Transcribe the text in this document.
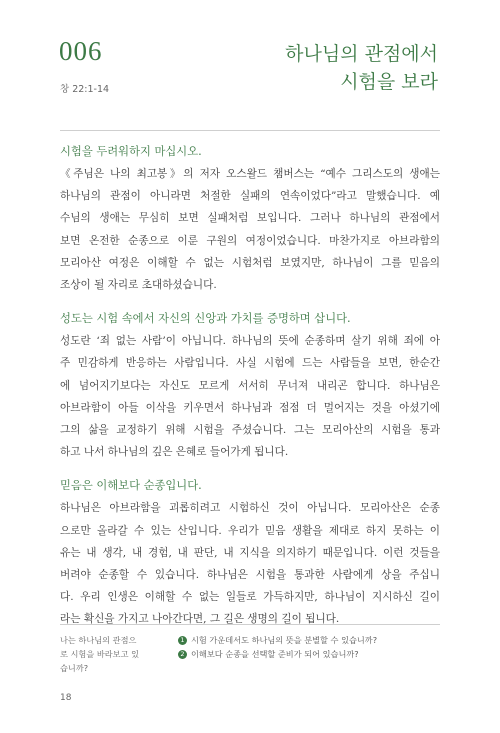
006
창 22:1-14
하나님의 관점에서
시험을 보라
시험을 두려워하지 마십시오.
《주님은 나의 최고봉》의 저자 오스왈드 챔버스는 “예수 그리스도의 생애는
하나님의 관점이 아니라면 처절한 실패의 연속이었다”라고 말했습니다. 예
수님의 생애는 무심히 보면 실패처럼 보입니다. 그러나 하나님의 관점에서
보면 온전한 순종으로 이룬 구원의 여정이었습니다. 마찬가지로 아브라함의
모리아산 여정은 이해할 수 없는 시험처럼 보였지만, 하나님이 그를 믿음의
조상이 될 자리로 초대하셨습니다.
성도는 시험 속에서 자신의 신앙과 가치를 증명하며 삽니다.
성도란 ‘죄 없는 사람’이 아닙니다. 하나님의 뜻에 순종하며 살기 위해 죄에 아
주 민감하게 반응하는 사람입니다. 사실 시험에 드는 사람들을 보면, 한순간
에 넘어지기보다는 자신도 모르게 서서히 무너져 내리곤 합니다. 하나님은
아브라함이 아들 이삭을 키우면서 하나님과 점점 더 멀어지는 것을 아셨기에
그의 삶을 교정하기 위해 시험을 주셨습니다. 그는 모리아산의 시험을 통과
하고 나서 하나님의 깊은 은혜로 들어가게 됩니다.
믿음은 이해보다 순종입니다.
하나님은 아브라함을 괴롭히려고 시험하신 것이 아닙니다. 모리아산은 순종
으로만 올라갈 수 있는 산입니다. 우리가 믿음 생활을 제대로 하지 못하는 이
유는 내 생각, 내 경험, 내 판단, 내 지식을 의지하기 때문입니다. 이런 것들을
버려야 순종할 수 있습니다. 하나님은 시험을 통과한 사람에게 상을 주십니
다. 우리 인생은 이해할 수 없는 일들로 가득하지만, 하나님이 지시하신 길이
라는 확신을 가지고 나아간다면, 그 길은 생명의 길이 됩니다.
나는 하나님의 관점으
로 시험을 바라보고 있
습니까?
1 시험 가운데서도 하나님의 뜻을 분별할 수 있습니까?
2 이해보다 순종을 선택할 준비가 되어 있습니까?
18
